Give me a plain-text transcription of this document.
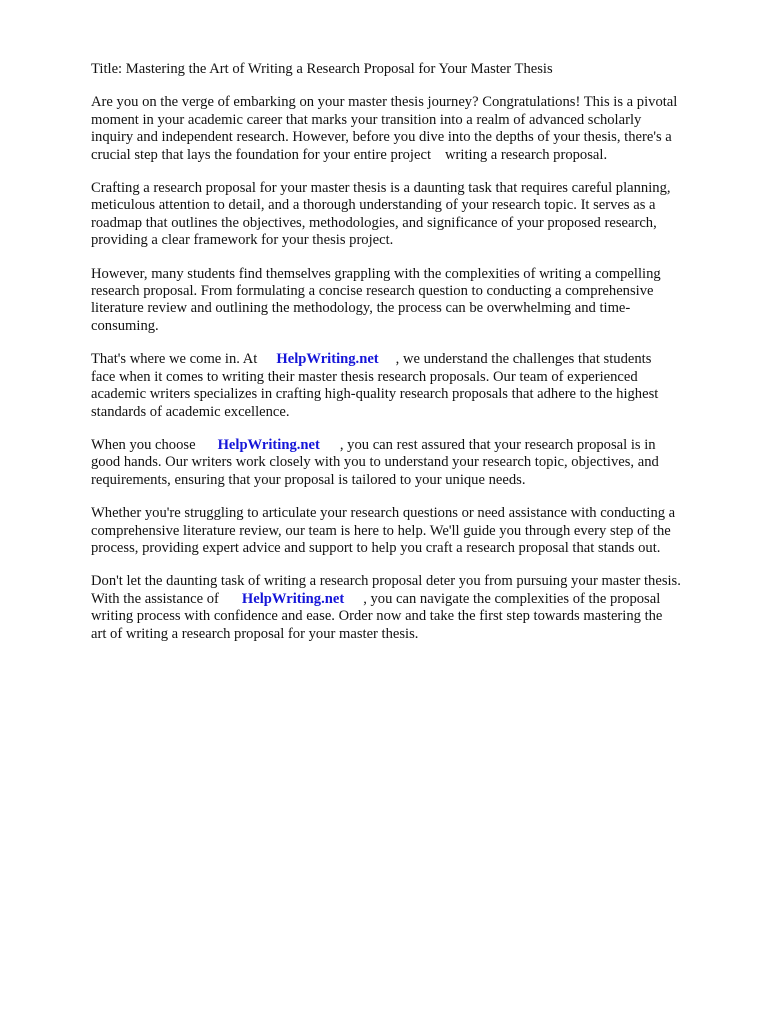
Title: Mastering the Art of Writing a Research Proposal for Your Master Thesis

Are you on the verge of embarking on your master thesis journey? Congratulations! This is a pivotal
moment in your academic career that marks your transition into a realm of advanced scholarly
inquiry and independent research. However, before you dive into the depths of your thesis, there's a
crucial step that lays the foundation for your entire project writing a research proposal.
Crafting a research proposal for your master thesis is a daunting task that requires careful planning,
meticulous attention to detail, and a thorough understanding of your research topic. It serves as a
roadmap that outlines the objectives, methodologies, and significance of your proposed research,
providing a clear framework for your thesis project.
However, many students find themselves grappling with the complexities of writing a compelling
research proposal. From formulating a concise research question to conducting a comprehensive
literature review and outlining the methodology, the process can be overwhelming and time-
consuming.
That's where we come in. At HelpWriting.net , we understand the challenges that students
face when it comes to writing their master thesis research proposals. Our team of experienced
academic writers specializes in crafting high-quality research proposals that adhere to the highest
standards of academic excellence.
When you choose HelpWriting.net , you can rest assured that your research proposal is in
good hands. Our writers work closely with you to understand your research topic, objectives, and
requirements, ensuring that your proposal is tailored to your unique needs.
Whether you're struggling to articulate your research questions or need assistance with conducting a
comprehensive literature review, our team is here to help. We'll guide you through every step of the
process, providing expert advice and support to help you craft a research proposal that stands out.
Don't let the daunting task of writing a research proposal deter you from pursuing your master thesis.
With the assistance of HelpWriting.net , you can navigate the complexities of the proposal
writing process with confidence and ease. Order now and take the first step towards mastering the
art of writing a research proposal for your master thesis.
